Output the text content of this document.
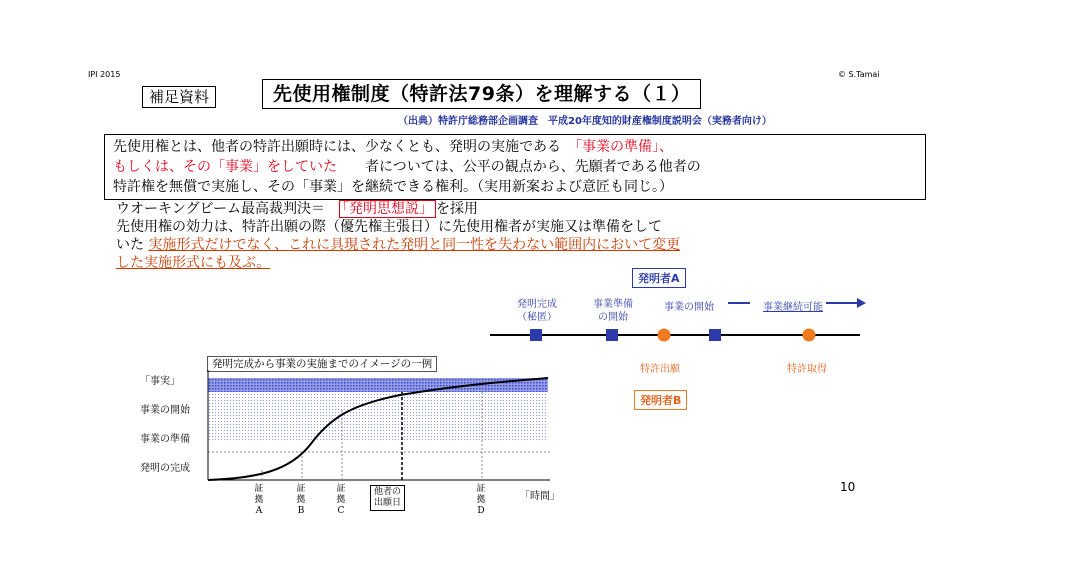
IPI 2015	© S.Tamai
補足資料	先使用権制度（特許法79条）を理解する（１）
（出典）特許庁総務部企画調査　平成20年度知的財産権制度説明会（実務者向け）
先使用権とは、他者の特許出願時には、少なくとも、発明の実施である　「事業の準備」、
もしくは、その「事業」をしていた　　者については、公平の観点から、先願者である他者の
特許権を無償で実施し、その「事業」を継続できる権利。（実用新案および意匠も同じ。）
ウオーキングビーム最高裁判決＝　「発明思想説」 を採用
先使用権の効力は、特許出願の際（優先権主張日）に先使用権者が実施又は準備をして
いた 実施形式だけでなく、これに具現された発明と同一性を失わない範囲内において変更
した実施形式にも及ぶ。
発明者A
発明者B
発明完成
（秘匿）
事業準備
の開始
事業の開始	事業継続可能
特許出願	特許取得
「事実」
事業の開始
事業の準備
発明の完成
発明完成から事業の実施までのイメージの一例
証
拠
A
証
拠
B
証
拠
C
他者の
出願日
証
拠
D
「時間」
10
